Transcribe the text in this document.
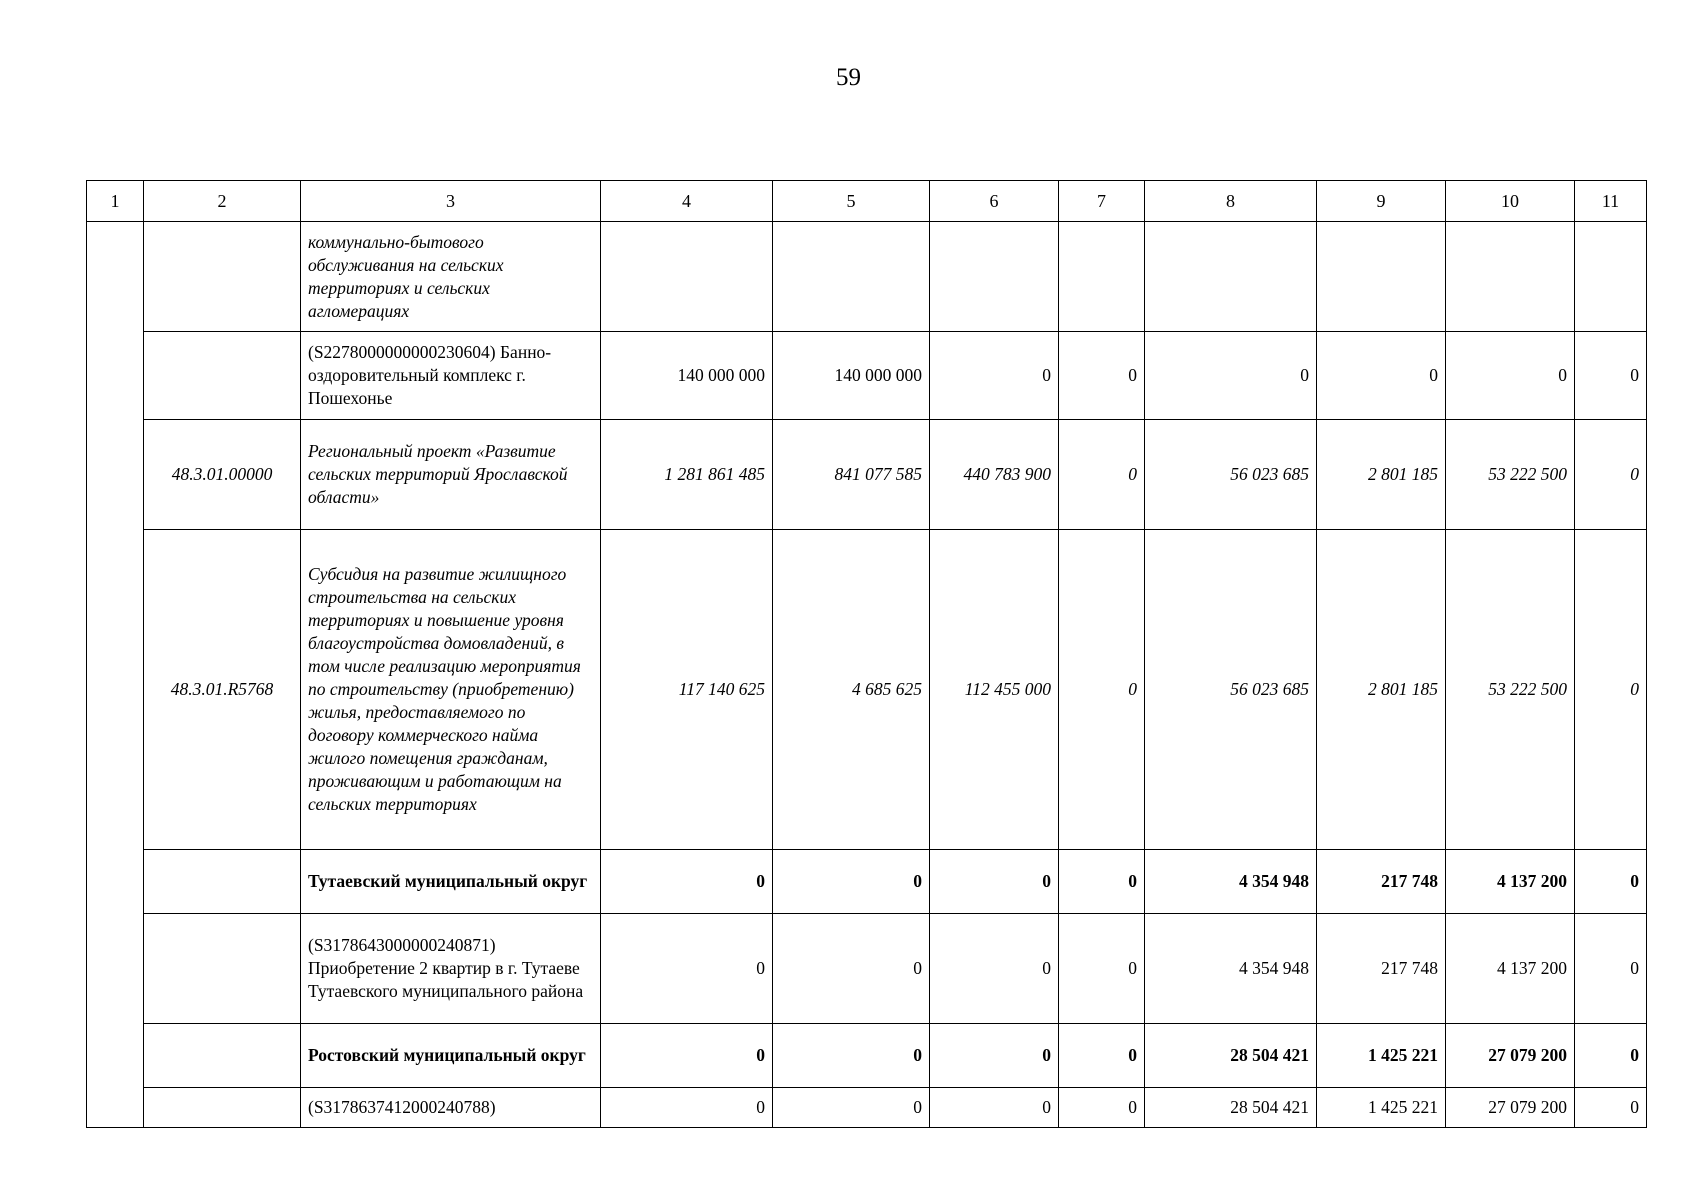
59
1	2	3	4	5	6	7	8	9	10	11
		коммунально-бытового обслуживания на сельских территориях и сельских агломерациях								
		(S2278000000000230604) Банно-оздоровительный комплекс г. Пошехонье	140 000 000	140 000 000	0	0	0	0	0	0
	48.3.01.00000	Региональный проект «Развитие сельских территорий Ярославской области»	1 281 861 485	841 077 585	440 783 900	0	56 023 685	2 801 185	53 222 500	0
	48.3.01.R5768	Субсидия на развитие жилищного строительства на сельских территориях и повышение уровня благоустройства домовладений, в том числе реализацию мероприятия по строительству (приобретению) жилья, предоставляемого по договору коммерческого найма жилого помещения гражданам, проживающим и работающим на сельских территориях	117 140 625	4 685 625	112 455 000	0	56 023 685	2 801 185	53 222 500	0
		Тутаевский муниципальный округ	0	0	0	0	4 354 948	217 748	4 137 200	0
		(S3178643000000240871) Приобретение 2 квартир в г. Тутаеве Тутаевского муниципального района	0	0	0	0	4 354 948	217 748	4 137 200	0
		Ростовский муниципальный округ	0	0	0	0	28 504 421	1 425 221	27 079 200	0
		(S3178637412000240788)	0	0	0	0	28 504 421	1 425 221	27 079 200	0
